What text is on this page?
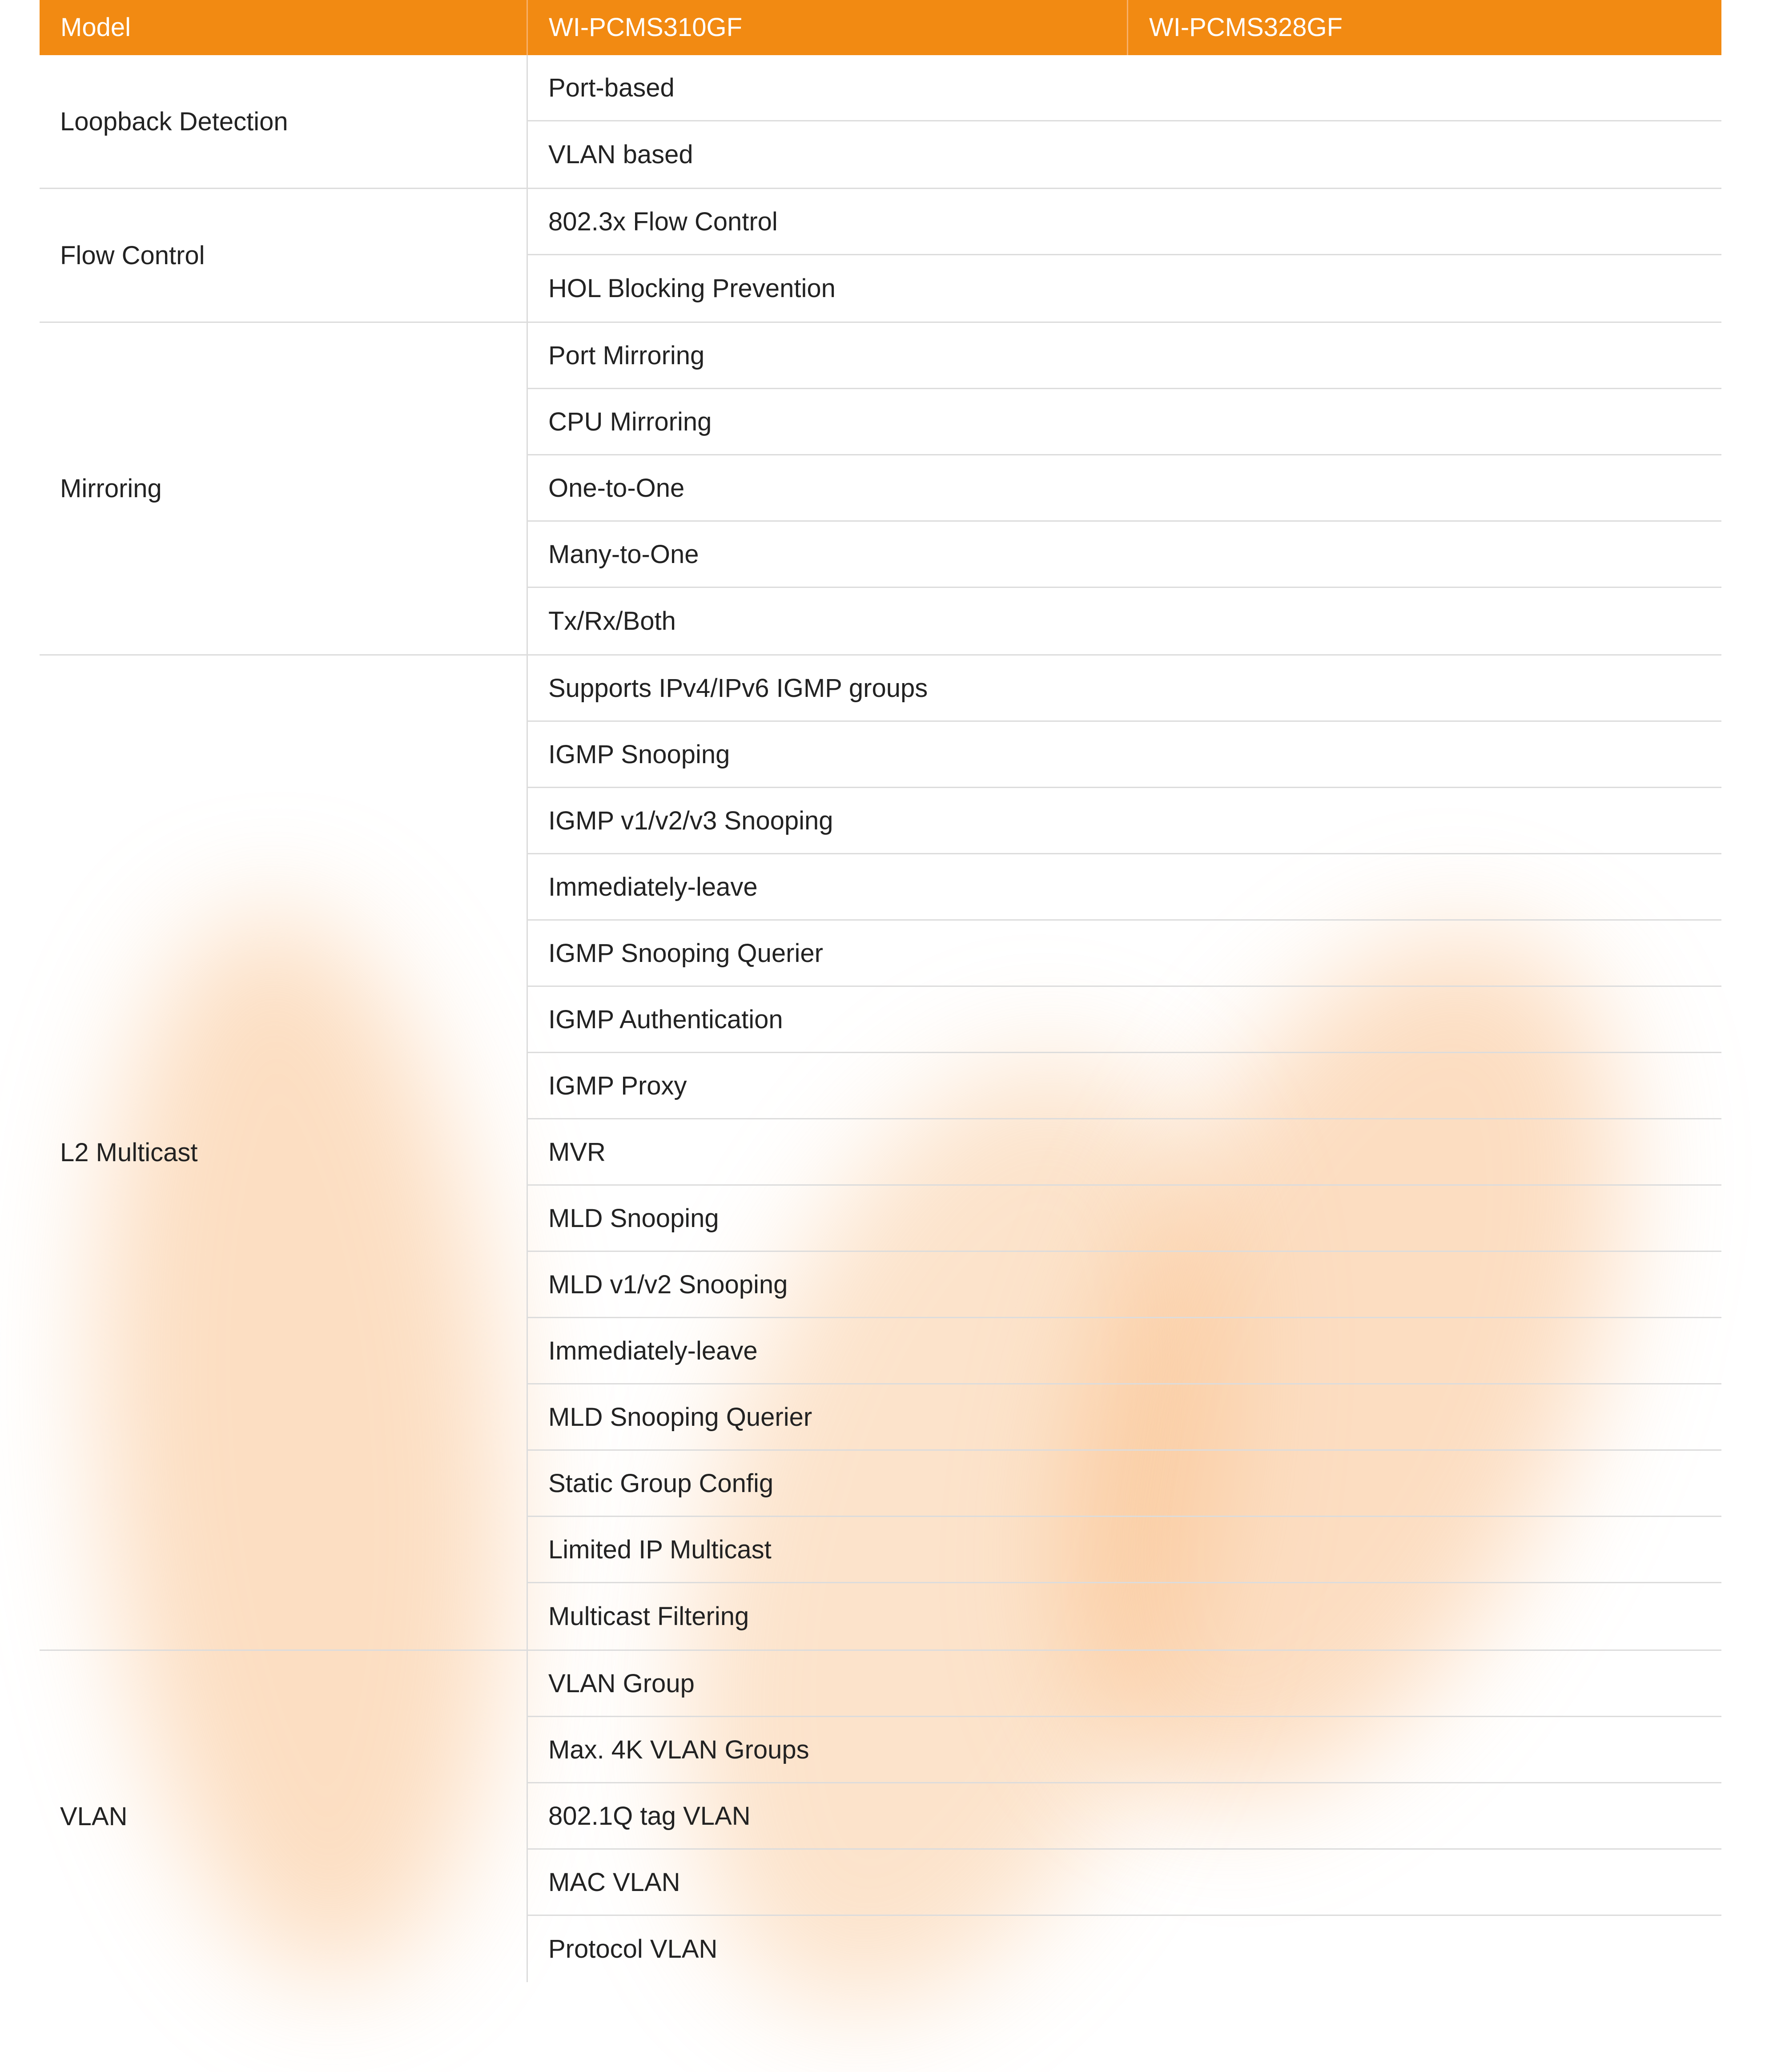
Model	WI-PCMS310GF	WI-PCMS328GF
Loopback Detection
Port-based
VLAN based
Flow Control
802.3x Flow Control
HOL Blocking Prevention
Mirroring
Port Mirroring
CPU Mirroring
One-to-One
Many-to-One
Tx/Rx/Both
L2 Multicast
Supports IPv4/IPv6 IGMP groups
IGMP Snooping
IGMP v1/v2/v3 Snooping
Immediately-leave
IGMP Snooping Querier
IGMP Authentication
IGMP Proxy
MVR
MLD Snooping
MLD v1/v2 Snooping
Immediately-leave
MLD Snooping Querier
Static Group Config
Limited IP Multicast
Multicast Filtering
VLAN
VLAN Group
Max. 4K VLAN Groups
802.1Q tag VLAN
MAC VLAN
Protocol VLAN
